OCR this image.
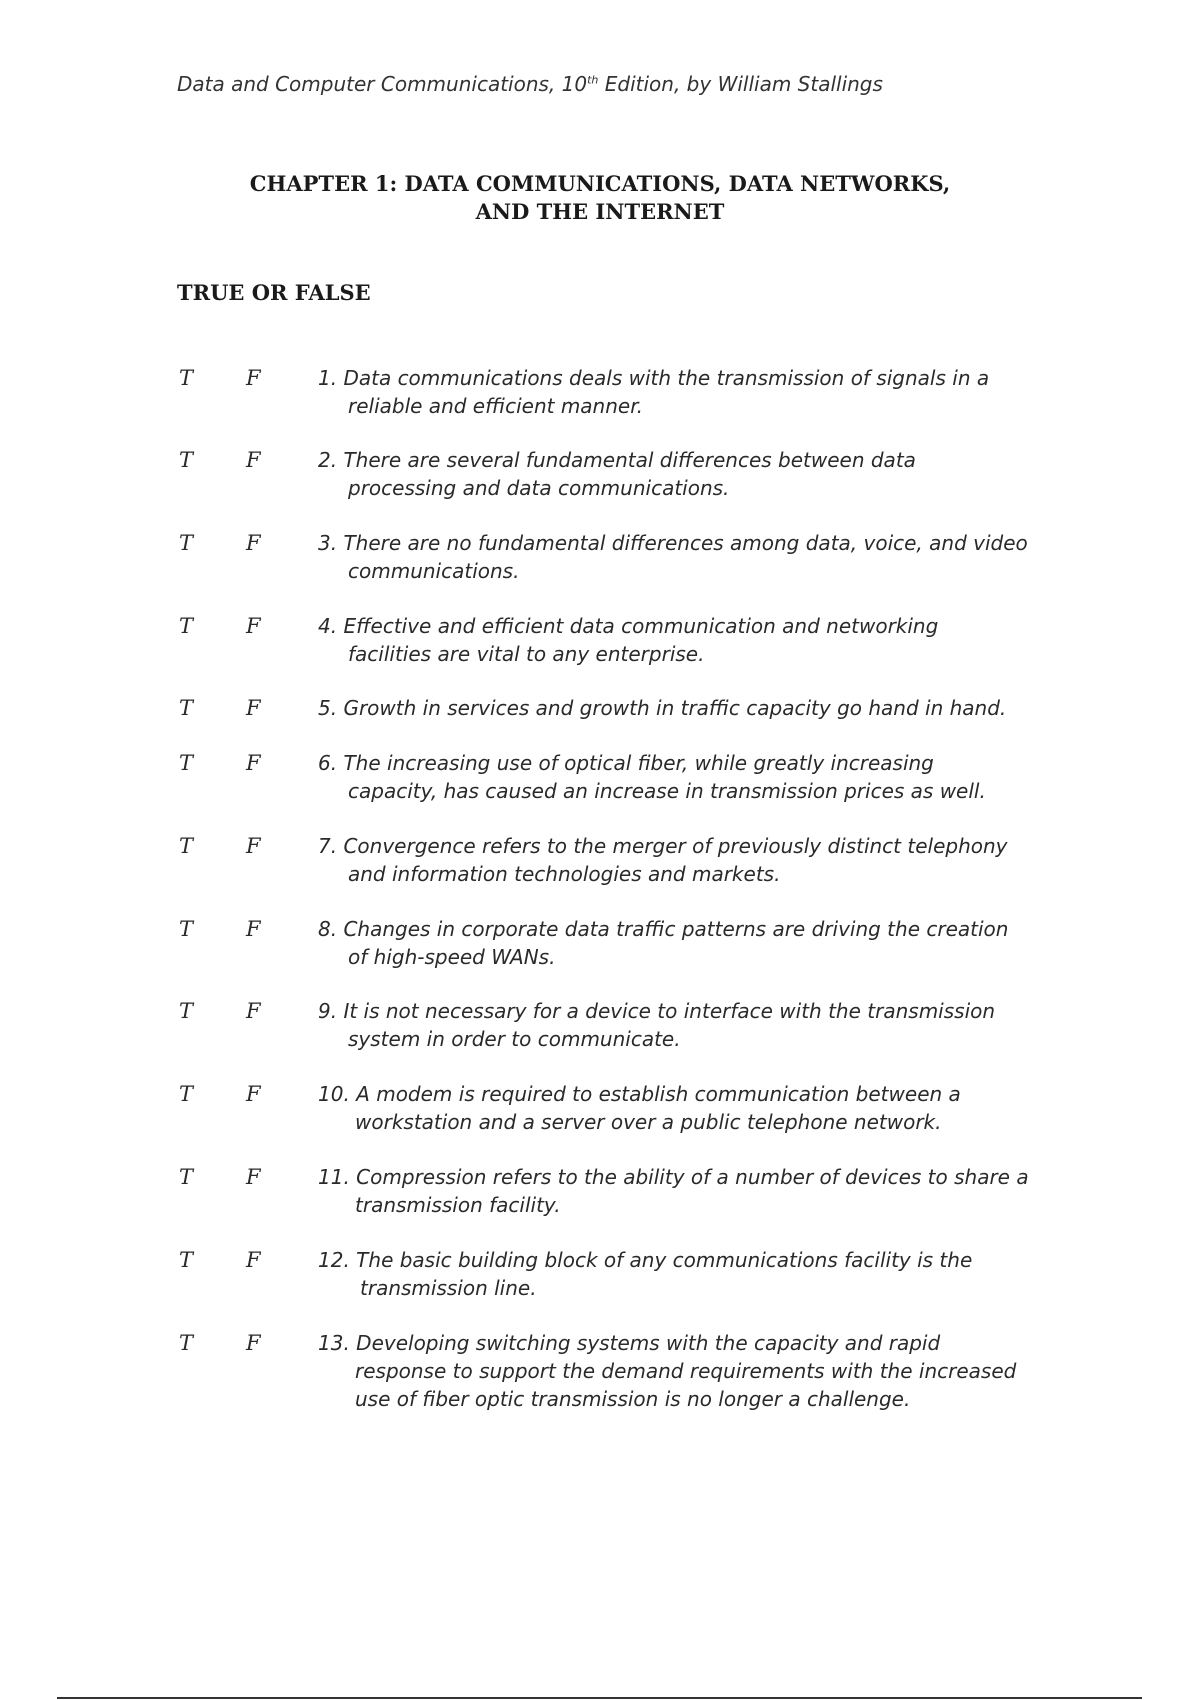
Data and Computer Communications, 10th Edition, by William Stallings
CHAPTER 1: DATA COMMUNICATIONS, DATA NETWORKS,
AND THE INTERNET
TRUE OR FALSE
T	F	1. Data communications deals with the transmission of signals in a
reliable and efficient manner.
T	F	2. There are several fundamental differences between data
processing and data communications.
T	F	3. There are no fundamental differences among data, voice, and video
communications.
T	F	4. Effective and efficient data communication and networking
facilities are vital to any enterprise.
T	F	5. Growth in services and growth in traffic capacity go hand in hand.
T	F	6. The increasing use of optical fiber, while greatly increasing
capacity, has caused an increase in transmission prices as well.
T	F	7. Convergence refers to the merger of previously distinct telephony
and information technologies and markets.
T	F	8. Changes in corporate data traffic patterns are driving the creation
of high-speed WANs.
T	F	9. It is not necessary for a device to interface with the transmission
system in order to communicate.
T	F	10. A modem is required to establish communication between a
workstation and a server over a public telephone network.
T	F	11. Compression refers to the ability of a number of devices to share a
transmission facility.
T	F	12. The basic building block of any communications facility is the
transmission line.
T	F	13. Developing switching systems with the capacity and rapid
response to support the demand requirements with the increased
use of fiber optic transmission is no longer a challenge.
